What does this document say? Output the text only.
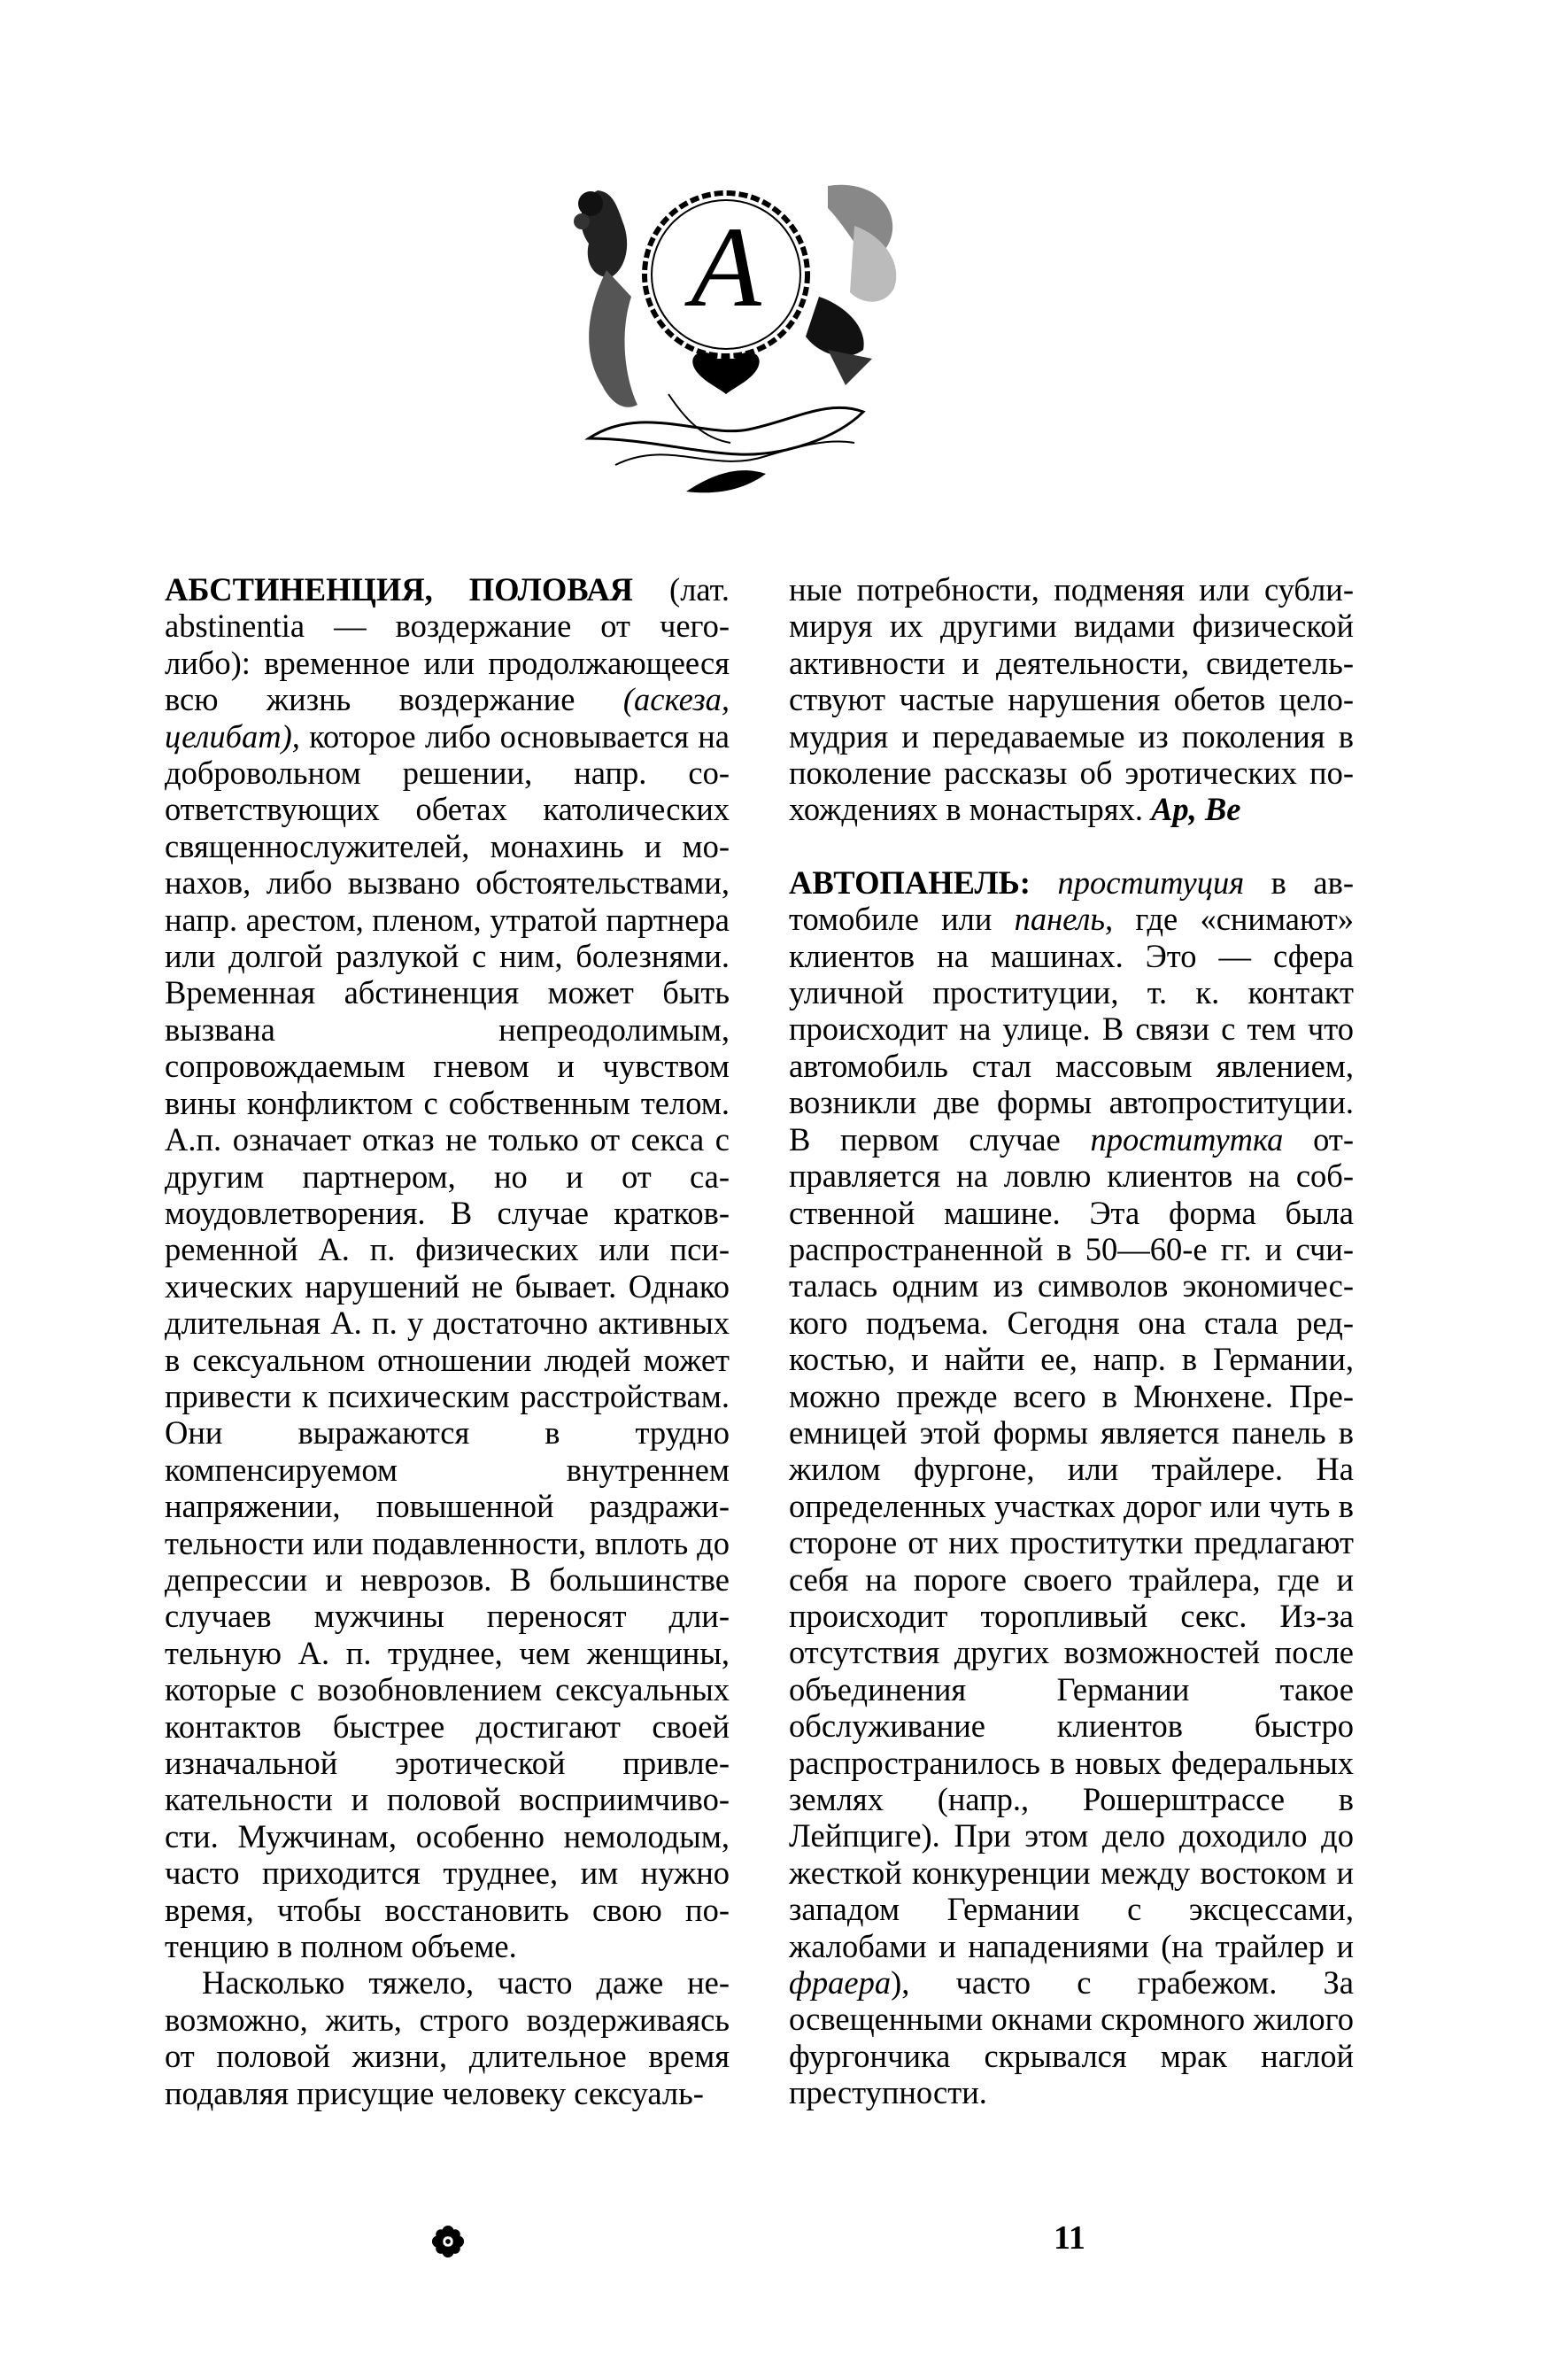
А

АБСТИНЕНЦИЯ, ПОЛОВАЯ (лат. abstinentia — воздержание от чего-либо): временное или продолжающееся всю жизнь воздержание (аскеза, целибат), которое либо основывается на добровольном решении, напр. соответствующих обетах католических священнослужителей, монахинь и монахов, либо вызвано обстоятельствами, напр. арестом, пленом, утратой партнера или долгой разлукой с ним, болезнями. Временная абстиненция может быть вызвана непреодолимым, сопровождаемым гневом и чувством вины конфликтом с собственным телом. А.п. означает отказ не только от секса с другим партнером, но и от самоудовлетворения. В случае кратковременной А. п. физических или психических нарушений не бывает. Однако длительная А. п. у достаточно активных в сексуальном отношении людей может привести к психическим расстройствам. Они выражаются в трудно компенсируемом внутреннем напряжении, повышенной раздражительности или подавленности, вплоть до депрессии и неврозов. В большинстве случаев мужчины переносят длительную А. п. труднее, чем женщины, которые с возобновлением сексуальных контактов быстрее достигают своей изначальной эротической привлекательности и половой восприимчивости. Мужчинам, особенно немолодым, часто приходится труднее, им нужно время, чтобы восстановить свою потенцию в полном объеме.

Насколько тяжело, часто даже невозможно, жить, строго воздерживаясь от половой жизни, длительное время подавляя присущие человеку сексуаль-

ные потребности, подменяя или сублимируя их другими видами физической активности и деятельности, свидетельствуют частые нарушения обетов целомудрия и передаваемые из поколения в поколение рассказы об эротических похождениях в монастырях. Ap, Be

АВТОПАНЕЛЬ: проституция в автомобиле или панель, где «снимают» клиентов на машинах. Это — сфера уличной проституции, т. к. контакт происходит на улице. В связи с тем что автомобиль стал массовым явлением, возникли две формы автопроституции. В первом случае проститутка отправляется на ловлю клиентов на собственной машине. Эта форма была распространенной в 50—60-е гг. и считалась одним из символов экономического подъема. Сегодня она стала редкостью, и найти ее, напр. в Германии, можно прежде всего в Мюнхене. Преемницей этой формы является панель в жилом фургоне, или трайлере. На определенных участках дорог или чуть в стороне от них проститутки предлагают себя на пороге своего трайлера, где и происходит торопливый секс. Из-за отсутствия других возможностей после объединения Германии такое обслуживание клиентов быстро распространилось в новых федеральных землях (напр., Рошерштрассе в Лейпциге). При этом дело доходило до жесткой конкуренции между востоком и западом Германии с эксцессами, жалобами и нападениями (на трайлер и фраера), часто с грабежом. За освещенными окнами скромного жилого фургончика скрывался мрак наглой преступности.

11
